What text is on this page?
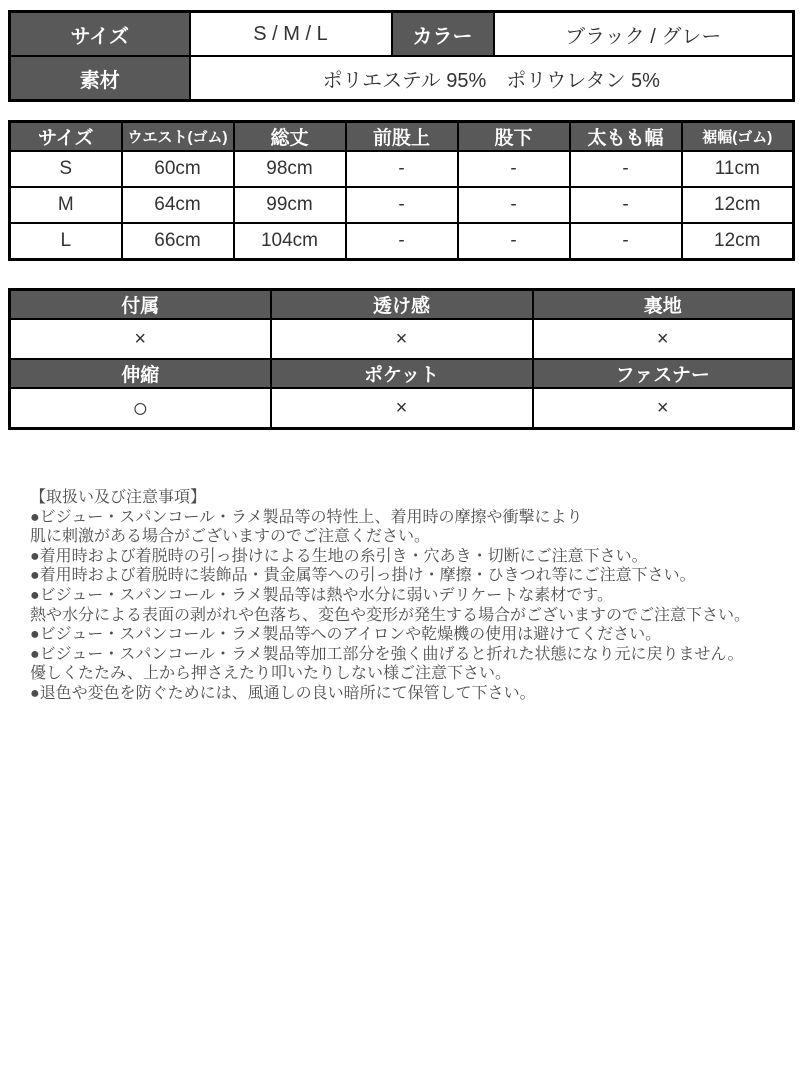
サイズ	S / M / L	カラー	ブラック / グレー
素材	ポリエステル 95%　ポリウレタン 5%		
サイズ	ウエスト(ゴム)	総丈	前股上	股下	太もも幅	裾幅(ゴム)
S	60cm	98cm	-	-	-	11cm
M	64cm	99cm	-	-	-	12cm
L	66cm	104cm	-	-	-	12cm
付属	透け感	裏地
×	×	×
伸縮	ポケット	ファスナー
○	×	×
【取扱い及び注意事項】
●ビジュー・スパンコール・ラメ製品等の特性上、着用時の摩擦や衝撃により
肌に刺激がある場合がございますのでご注意ください。
●着用時および着脱時の引っ掛けによる生地の糸引き・穴あき・切断にご注意下さい。
●着用時および着脱時に装飾品・貴金属等への引っ掛け・摩擦・ひきつれ等にご注意下さい。
●ビジュー・スパンコール・ラメ製品等は熱や水分に弱いデリケートな素材です。
熱や水分による表面の剥がれや色落ち、変色や変形が発生する場合がございますのでご注意下さい。
●ビジュー・スパンコール・ラメ製品等へのアイロンや乾燥機の使用は避けてください。
●ビジュー・スパンコール・ラメ製品等加工部分を強く曲げると折れた状態になり元に戻りません。
優しくたたみ、上から押さえたり叩いたりしない様ご注意下さい。
●退色や変色を防ぐためには、風通しの良い暗所にて保管して下さい。
